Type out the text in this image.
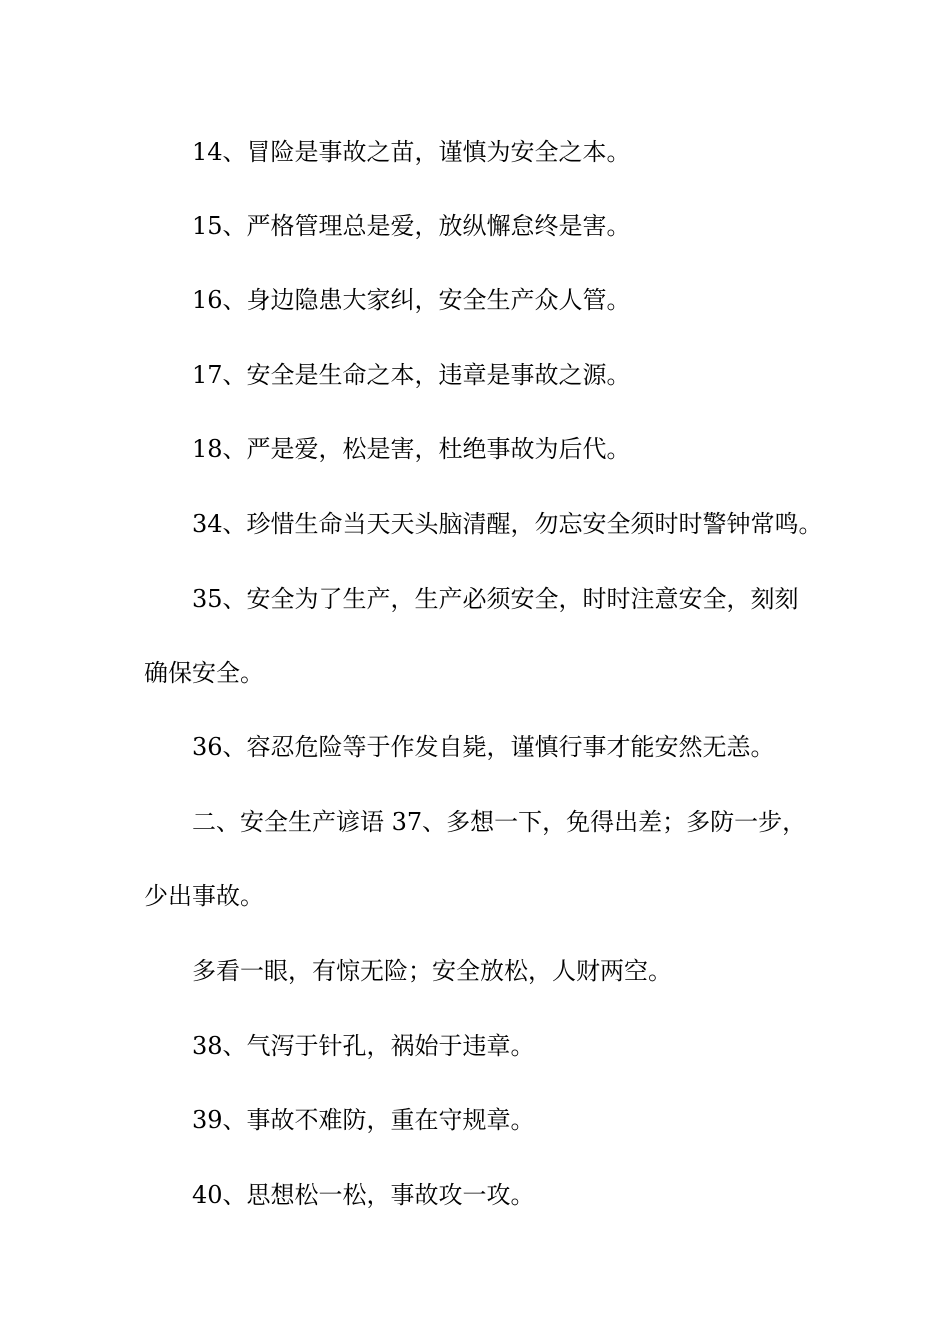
14、冒险是事故之苗，谨慎为安全之本。
15、严格管理总是爱，放纵懈怠终是害。
16、身边隐患大家纠，安全生产众人管。
17、安全是生命之本，违章是事故之源。
18、严是爱，松是害，杜绝事故为后代。
34、珍惜生命当天天头脑清醒，勿忘安全须时时警钟常鸣。
35、安全为了生产，生产必须安全，时时注意安全，刻刻
确保安全。
36、容忍危险等于作发自毙，谨慎行事才能安然无恙。
二、安全生产谚语 37、多想一下，免得出差；多防一步，
少出事故。
多看一眼，有惊无险；安全放松，人财两空。
38、气泻于针孔，祸始于违章。
39、事故不难防，重在守规章。
40、思想松一松，事故攻一攻。
